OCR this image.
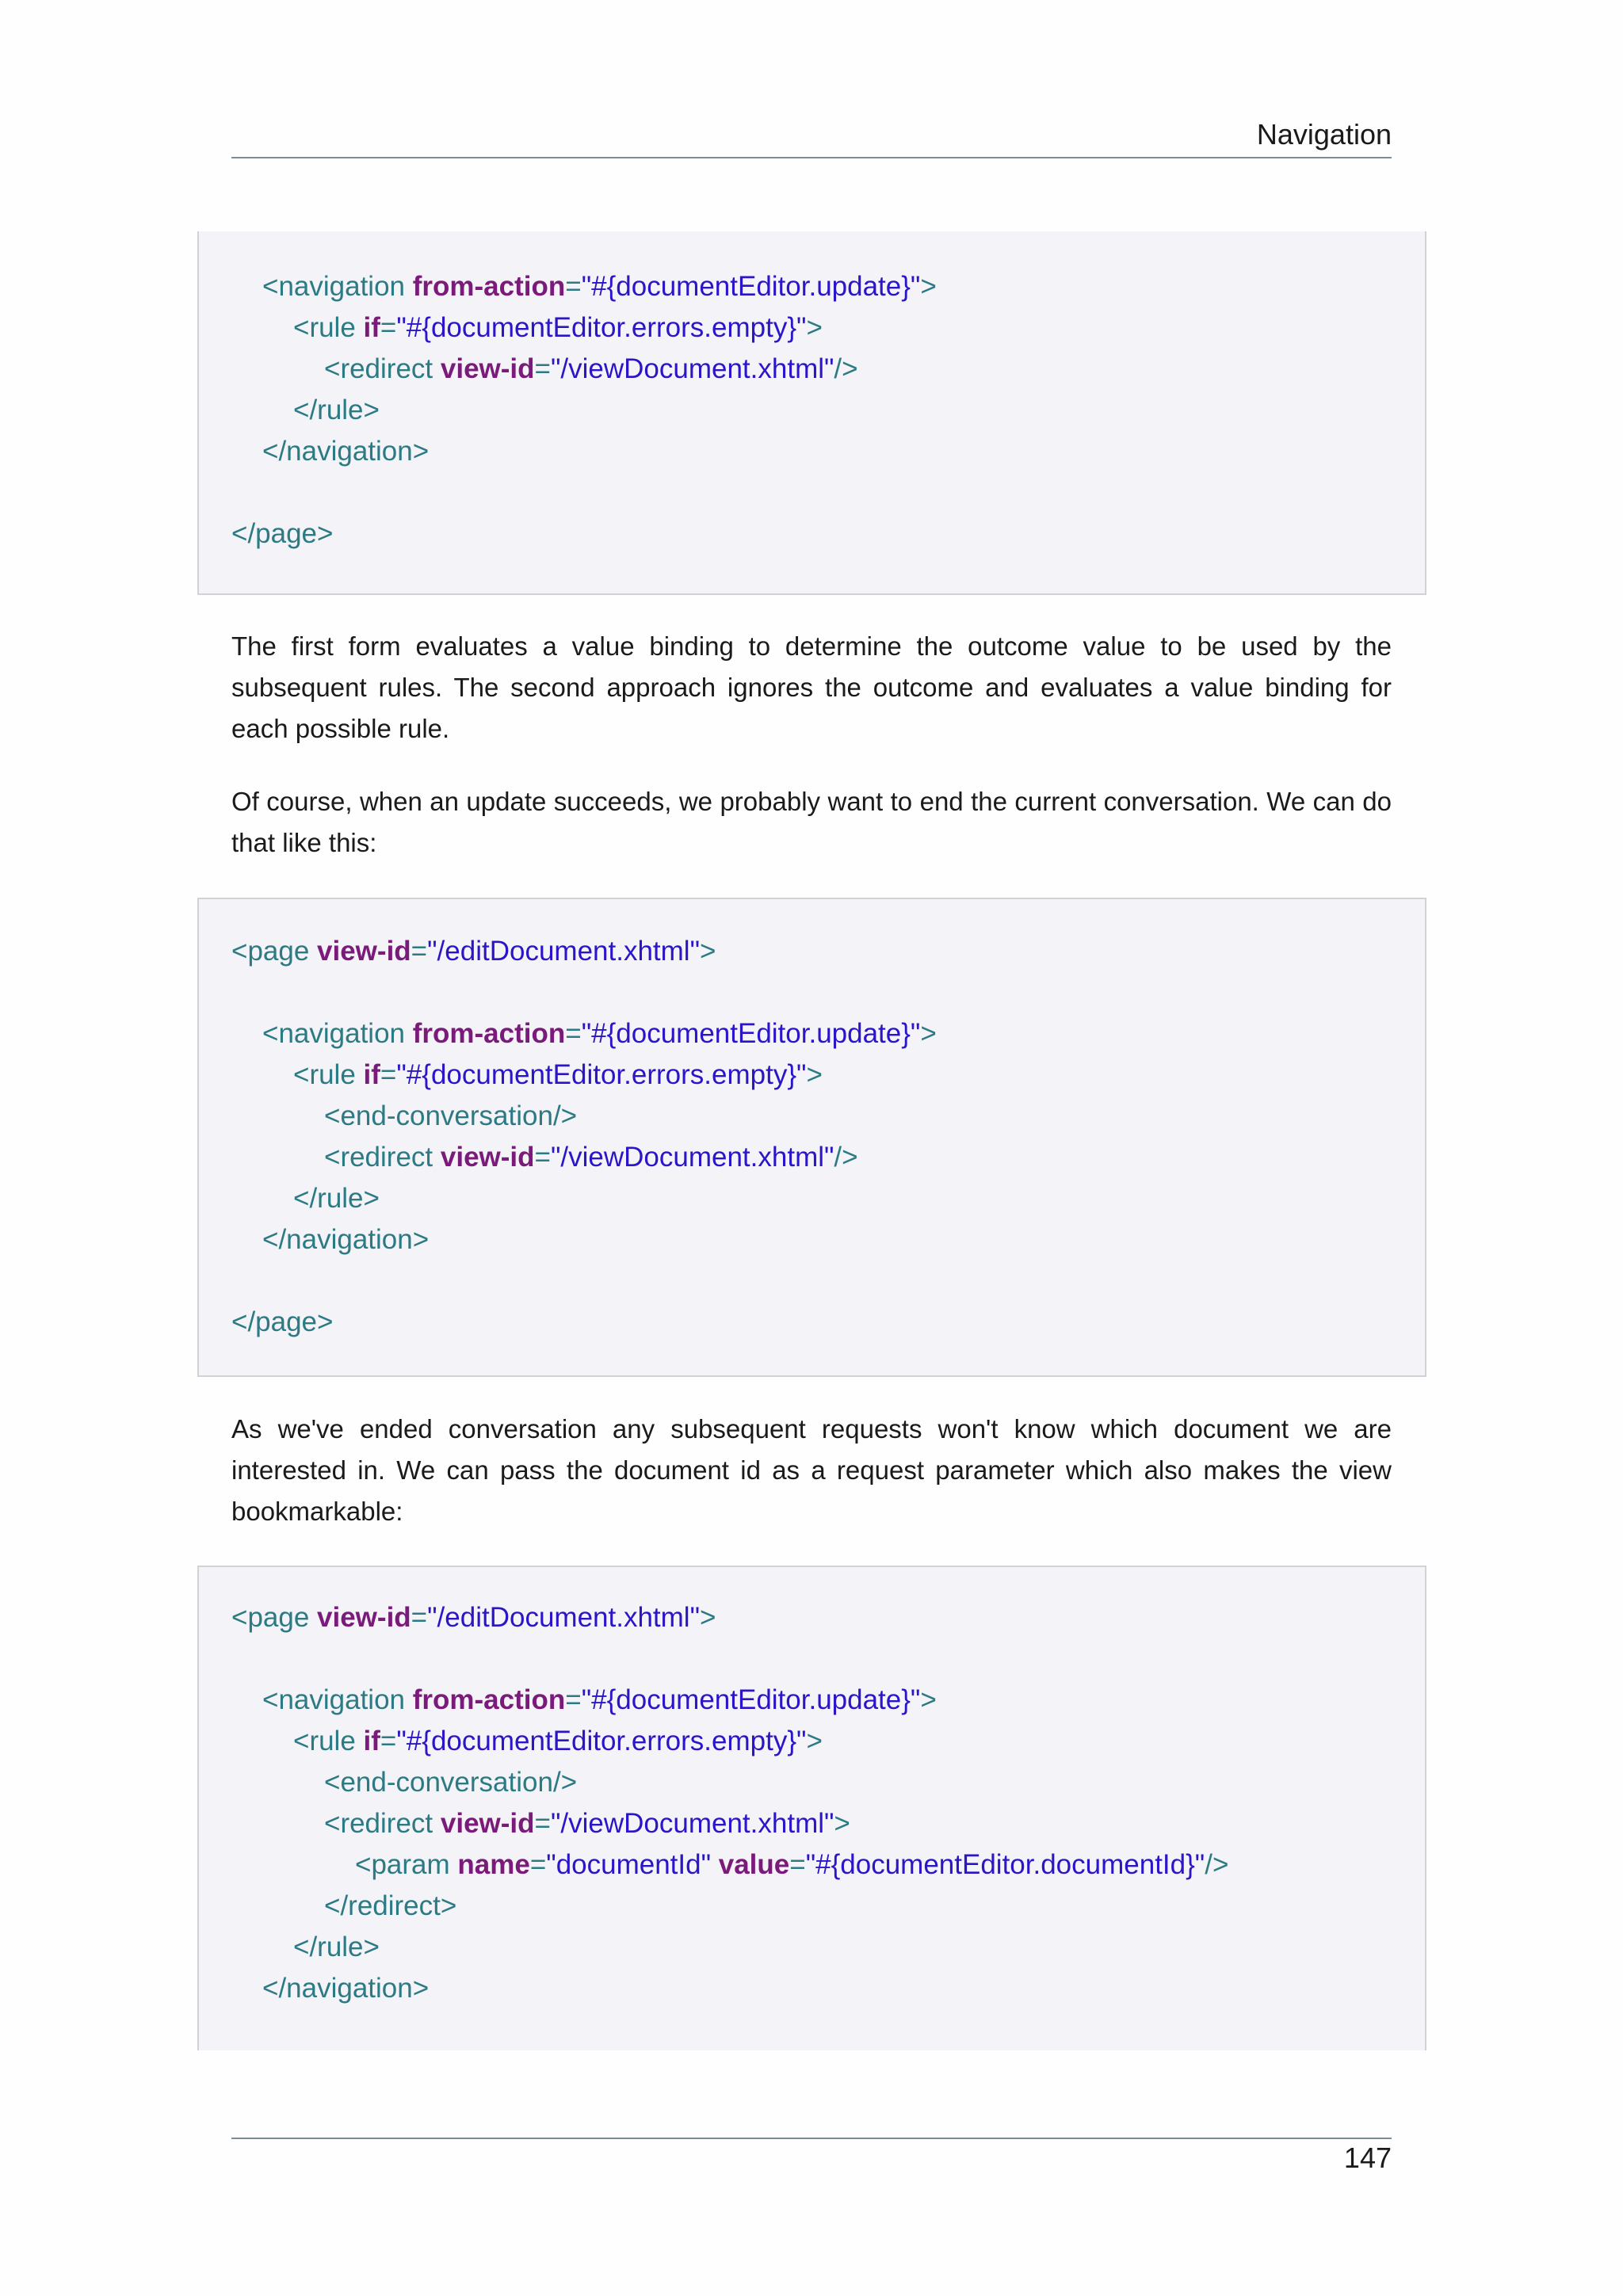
Navigation
<navigation from-action="#{documentEditor.update}">
<rule if="#{documentEditor.errors.empty}">
<redirect view-id="/viewDocument.xhtml"/>
</rule>
</navigation>
</page>

The first form evaluates a value binding to determine the outcome value to be used by the subsequent rules. The second approach ignores the outcome and evaluates a value binding for each possible rule.

Of course, when an update succeeds, we probably want to end the current conversation. We can do that like this:

<page view-id="/editDocument.xhtml">
<navigation from-action="#{documentEditor.update}">
<rule if="#{documentEditor.errors.empty}">
<end-conversation/>
<redirect view-id="/viewDocument.xhtml"/>
</rule>
</navigation>
</page>

As we've ended conversation any subsequent requests won't know which document we are interested in. We can pass the document id as a request parameter which also makes the view bookmarkable:

<page view-id="/editDocument.xhtml">
<navigation from-action="#{documentEditor.update}">
<rule if="#{documentEditor.errors.empty}">
<end-conversation/>
<redirect view-id="/viewDocument.xhtml">
<param name="documentId" value="#{documentEditor.documentId}"/>
</redirect>
</rule>
</navigation>
147
